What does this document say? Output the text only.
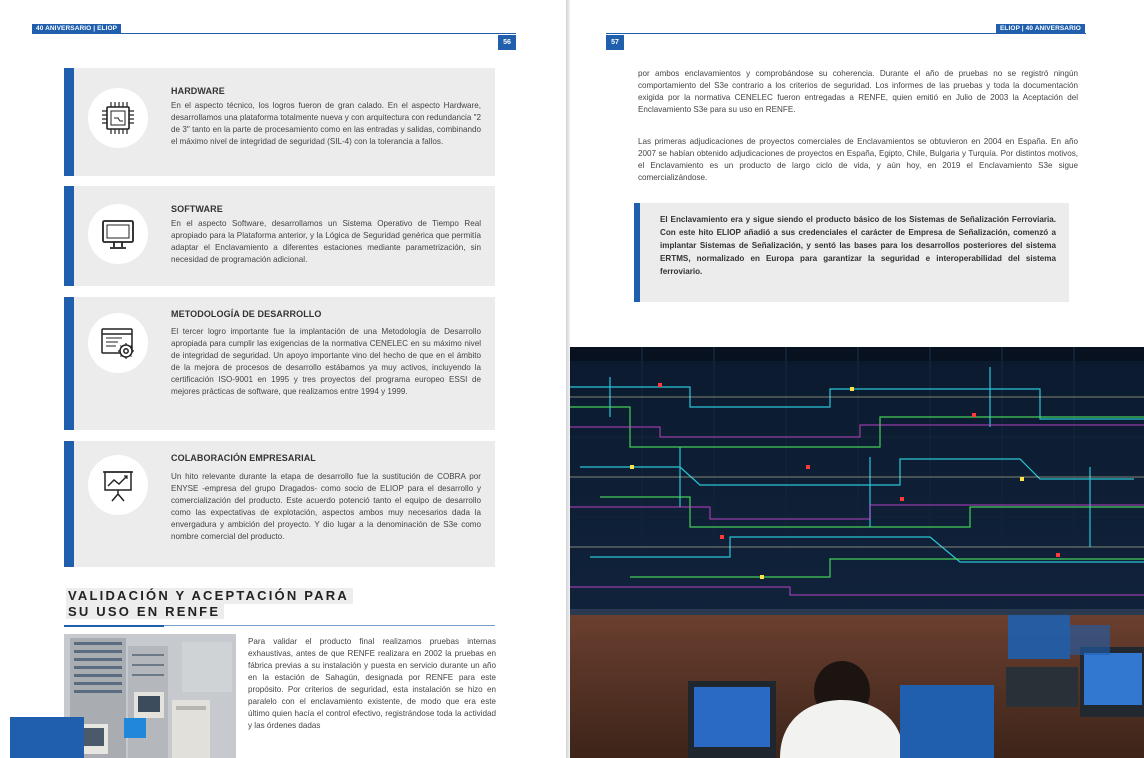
40 ANIVERSARIO | ELIOP
56
HARDWARE

En el aspecto técnico, los logros fueron de gran calado. En el aspecto Hardware, desarrollamos una plataforma totalmente nueva y con arquitectura con redundancia "2 de 3" tanto en la parte de procesamiento como en las entradas y salidas, combinando el máximo nivel de integridad de seguridad (SIL-4) con la tolerancia a fallos.

SOFTWARE

En el aspecto Software, desarrollamos un Sistema Operativo de Tiempo Real apropiado para la Plataforma anterior, y la Lógica de Seguridad genérica que permitía adaptar el Enclavamiento a diferentes estaciones mediante parametrización, sin necesidad de programación adicional.

METODOLOGÍA DE DESARROLLO

El tercer logro importante fue la implantación de una Metodología de Desarrollo apropiada para cumplir las exigencias de la normativa CENELEC en su máximo nivel de integridad de seguridad. Un apoyo importante vino del hecho de que en el ámbito de la mejora de procesos de desarrollo estábamos ya muy activos, incluyendo la certificación ISO-9001 en 1995 y tres proyectos del programa europeo ESSI de mejores prácticas de software, que realizamos entre 1994 y 1999.

COLABORACIÓN EMPRESARIAL

Un hito relevante durante la etapa de desarrollo fue la sustitución de COBRA por ENYSE -empresa del grupo Dragados- como socio de ELIOP para el desarrollo y comercialización del producto. Este acuerdo potenció tanto el equipo de desarrollo como las expectativas de explotación, aspectos ambos muy necesarios dada la envergadura y ambición del proyecto. Y dio lugar a la denominación de S3e como nombre comercial del producto.

VALIDACIÓN Y ACEPTACIÓN PARA
SU USO EN RENFE

Para validar el producto final realizamos pruebas internas exhaustivas, antes de que RENFE realizara en 2002 la pruebas en fábrica previas a su instalación y puesta en servicio durante un año en la estación de Sahagún, designada por RENFE para este propósito. Por criterios de seguridad, esta instalación se hizo en paralelo con el enclavamiento existente, de modo que era este último quien hacía el control efectivo, registrándose toda la actividad y las órdenes dadas

ELIOP | 40 ANIVERSARIO
57

por ambos enclavamientos y comprobándose su coherencia. Durante el año de pruebas no se registró ningún comportamiento del S3e contrario a los criterios de seguridad. Los informes de las pruebas y toda la documentación exigida por la normativa CENELEC fueron entregadas a RENFE, quien emitió en Julio de 2003 la Aceptación del Enclavamiento S3e para su uso en RENFE.

Las primeras adjudicaciones de proyectos comerciales de Enclavamientos se obtuvieron en 2004 en España. En año 2007 se habían obtenido adjudicaciones de proyectos en España, Egipto, Chile, Bulgaria y Turquía. Por distintos motivos, el Enclavamiento es un producto de largo ciclo de vida, y aún hoy, en 2019 el Enclavamiento S3e sigue comercializándose.

El Enclavamiento era y sigue siendo el producto básico de los Sistemas de Señalización Ferroviaria. Con este hito ELIOP añadió a sus credenciales el carácter de Empresa de Señalización, comenzó a implantar Sistemas de Señalización, y sentó las bases para los desarrollos posteriores del sistema ERTMS, normalizado en Europa para garantizar la seguridad e interoperabilidad del sistema ferroviario.
